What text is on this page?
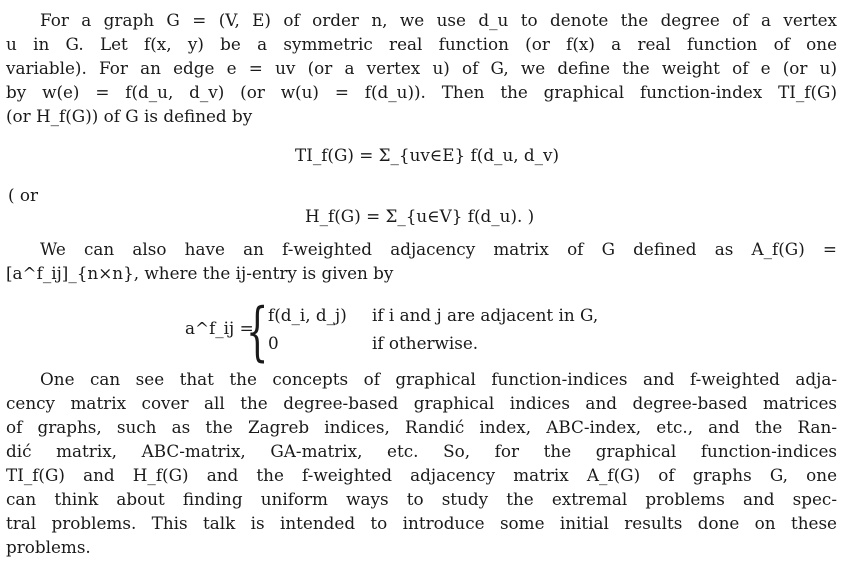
For a graph G = (V, E) of order n, we use d_u to denote the degree of a vertex
u in G. Let f(x, y) be a symmetric real function (or f(x) a real function of one
variable). For an edge e = uv (or a vertex u) of G, we define the weight of e (or u)
by w(e) = f(d_u, d_v) (or w(u) = f(d_u)). Then the graphical function-index TI_f(G)
(or H_f(G)) of G is defined by
TI_f(G) = Σ_{uv∈E} f(d_u, d_v)
( or
H_f(G) = Σ_{u∈V} f(d_u). )
We can also have an f-weighted adjacency matrix of G defined as A_f(G) =
[a^f_ij]_{n×n}, where the ij-entry is given by
a^f_ij =
{ f(d_i, d_j) if i and j are adjacent in G,
0	if otherwise.
One can see that the concepts of graphical function-indices and f-weighted adja-
cency matrix cover all the degree-based graphical indices and degree-based matrices
of graphs, such as the Zagreb indices, Randić index, ABC-index, etc., and the Ran-
dić matrix, ABC-matrix, GA-matrix, etc. So, for the graphical function-indices
TI_f(G) and H_f(G) and the f-weighted adjacency matrix A_f(G) of graphs G, one
can think about finding uniform ways to study the extremal problems and spec-
tral problems. This talk is intended to introduce some initial results done on these
problems.
